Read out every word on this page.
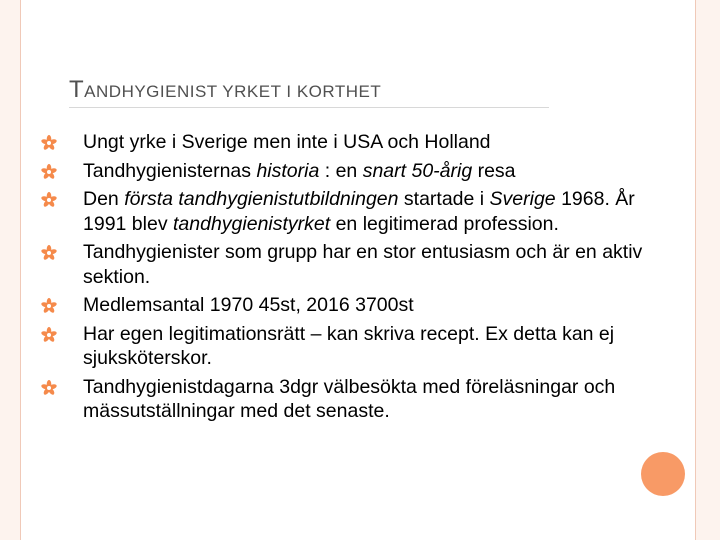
TANDHYGIENIST YRKET I KORTHET
Ungt yrke i Sverige men inte i USA och Holland
Tandhygienisternas historia : en snart 50-årig resa
Den första tandhygienistutbildningen startade i Sverige 1968. År 1991 blev tandhygienistyrket en legitimerad profession.
Tandhygienister som grupp har en stor entusiasm och är en aktiv sektion.
Medlemsantal 1970 45st, 2016 3700st
Har egen legitimationsrätt – kan skriva recept. Ex detta kan ej sjuksköterskor.
Tandhygienistdagarna 3dgr välbesökta med föreläsningar och mässutställningar med det senaste.
